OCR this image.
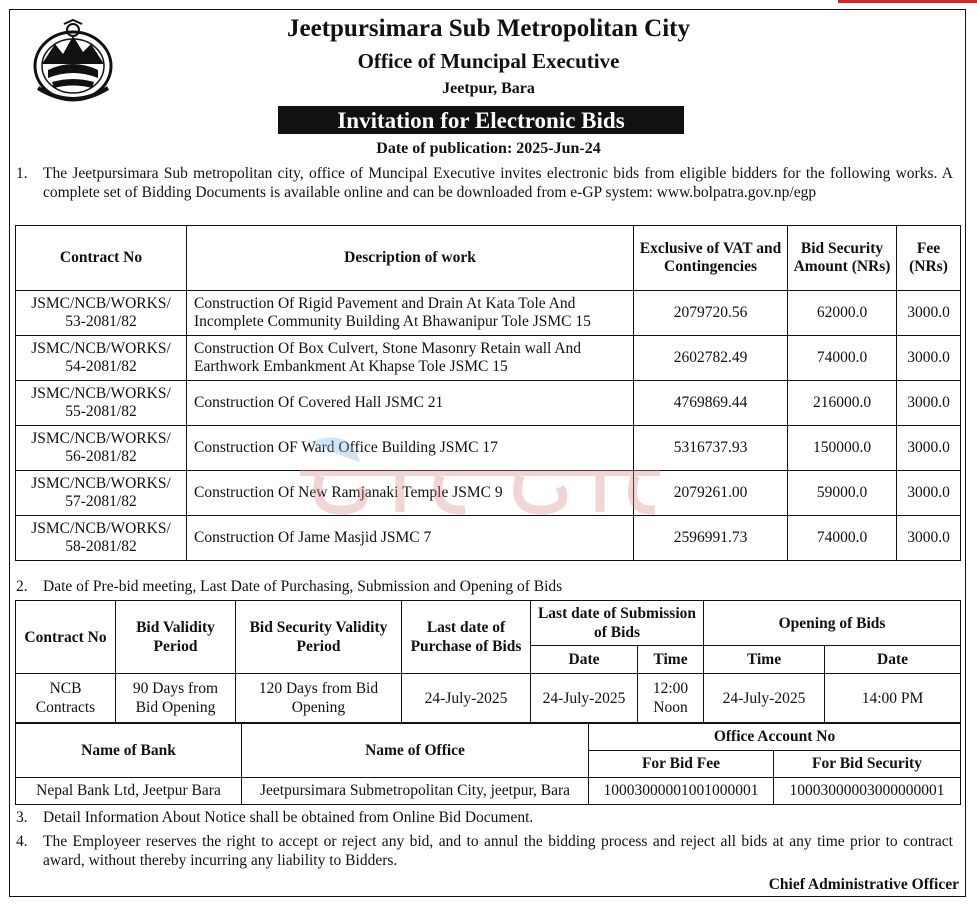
Jeetpursimara Sub Metropolitan City
Office of Muncipal Executive
Jeetpur, Bara
Invitation for Electronic Bids
Date of publication: 2025-Jun-24
1. The Jeetpursimara Sub metropolitan city, office of Muncipal Executive invites electronic bids from eligible bidders for the following works. A complete set of Bidding Documents is available online and can be downloaded from e-GP system: www.bolpatra.gov.np/egp
Contract No	Description of work	Exclusive of VAT and Contingencies	Bid Security Amount (NRs)	Fee (NRs)
JSMC/NCB/WORKS/ 53-2081/82	Construction Of Rigid Pavement and Drain At Kata Tole And Incomplete Community Building At Bhawanipur Tole JSMC 15	2079720.56	62000.0	3000.0
JSMC/NCB/WORKS/ 54-2081/82	Construction Of Box Culvert, Stone Masonry Retain wall And Earthwork Embankment At Khapse Tole JSMC 15	2602782.49	74000.0	3000.0
JSMC/NCB/WORKS/ 55-2081/82	Construction Of Covered Hall JSMC 21	4769869.44	216000.0	3000.0
JSMC/NCB/WORKS/ 56-2081/82	Construction OF Ward Office Building JSMC 17	5316737.93	150000.0	3000.0
JSMC/NCB/WORKS/ 57-2081/82	Construction Of New Ramjanaki Temple JSMC 9	2079261.00	59000.0	3000.0
JSMC/NCB/WORKS/ 58-2081/82	Construction Of Jame Masjid JSMC 7	2596991.73	74000.0	3000.0
2. Date of Pre-bid meeting, Last Date of Purchasing, Submission and Opening of Bids
Contract No	Bid Validity Period	Bid Security Validity Period	Last date of Purchase of Bids	Last date of Submission of Bids		Opening of Bids	
				Date	Time	Time	Date
NCB Contracts	90 Days from Bid Opening	120 Days from Bid Opening	24-July-2025	24-July-2025	12:00 Noon	24-July-2025	14:00 PM
Name of Bank	Name of Office	Office Account No	
		For Bid Fee	For Bid Security
Nepal Bank Ltd, Jeetpur Bara	Jeetpursimara Submetropolitan City, jeetpur, Bara	10003000001001000001	10003000003000000001
3. Detail Information About Notice shall be obtained from Online Bid Document.
4. The Employeer reserves the right to accept or reject any bid, and to annul the bidding process and reject all bids at any time prior to contract award, without thereby incurring any liability to Bidders.
Chief Administrative Officer
